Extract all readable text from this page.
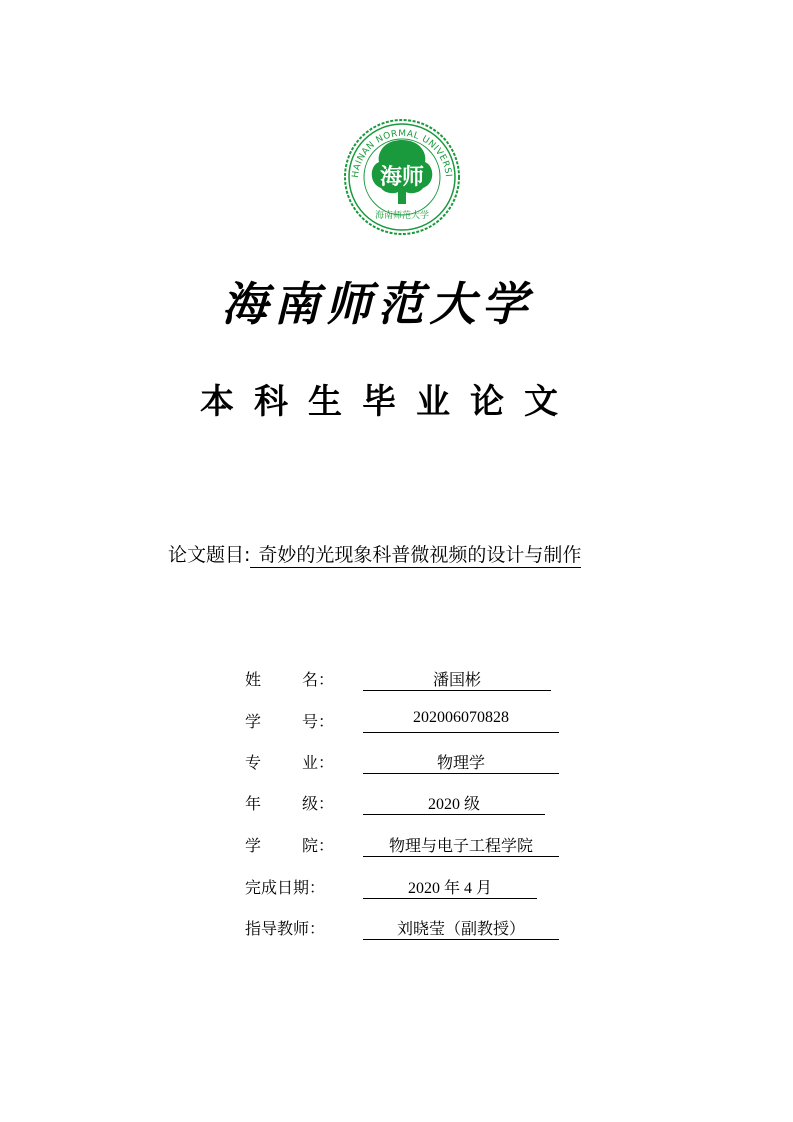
HAINAN NORMAL UNIVERSI
海师
海南师范大学
海南师范大学
本科生毕业论文
论文题目: 奇妙的光现象科普微视频的设计与制作
姓	名：	潘国彬
学	号：	202006070828
专	业：	物理学
年	级：	2020 级
学	院：	物理与电子工程学院
完成日期：	2020 年 4 月
指导教师：	刘晓莹（副教授）
